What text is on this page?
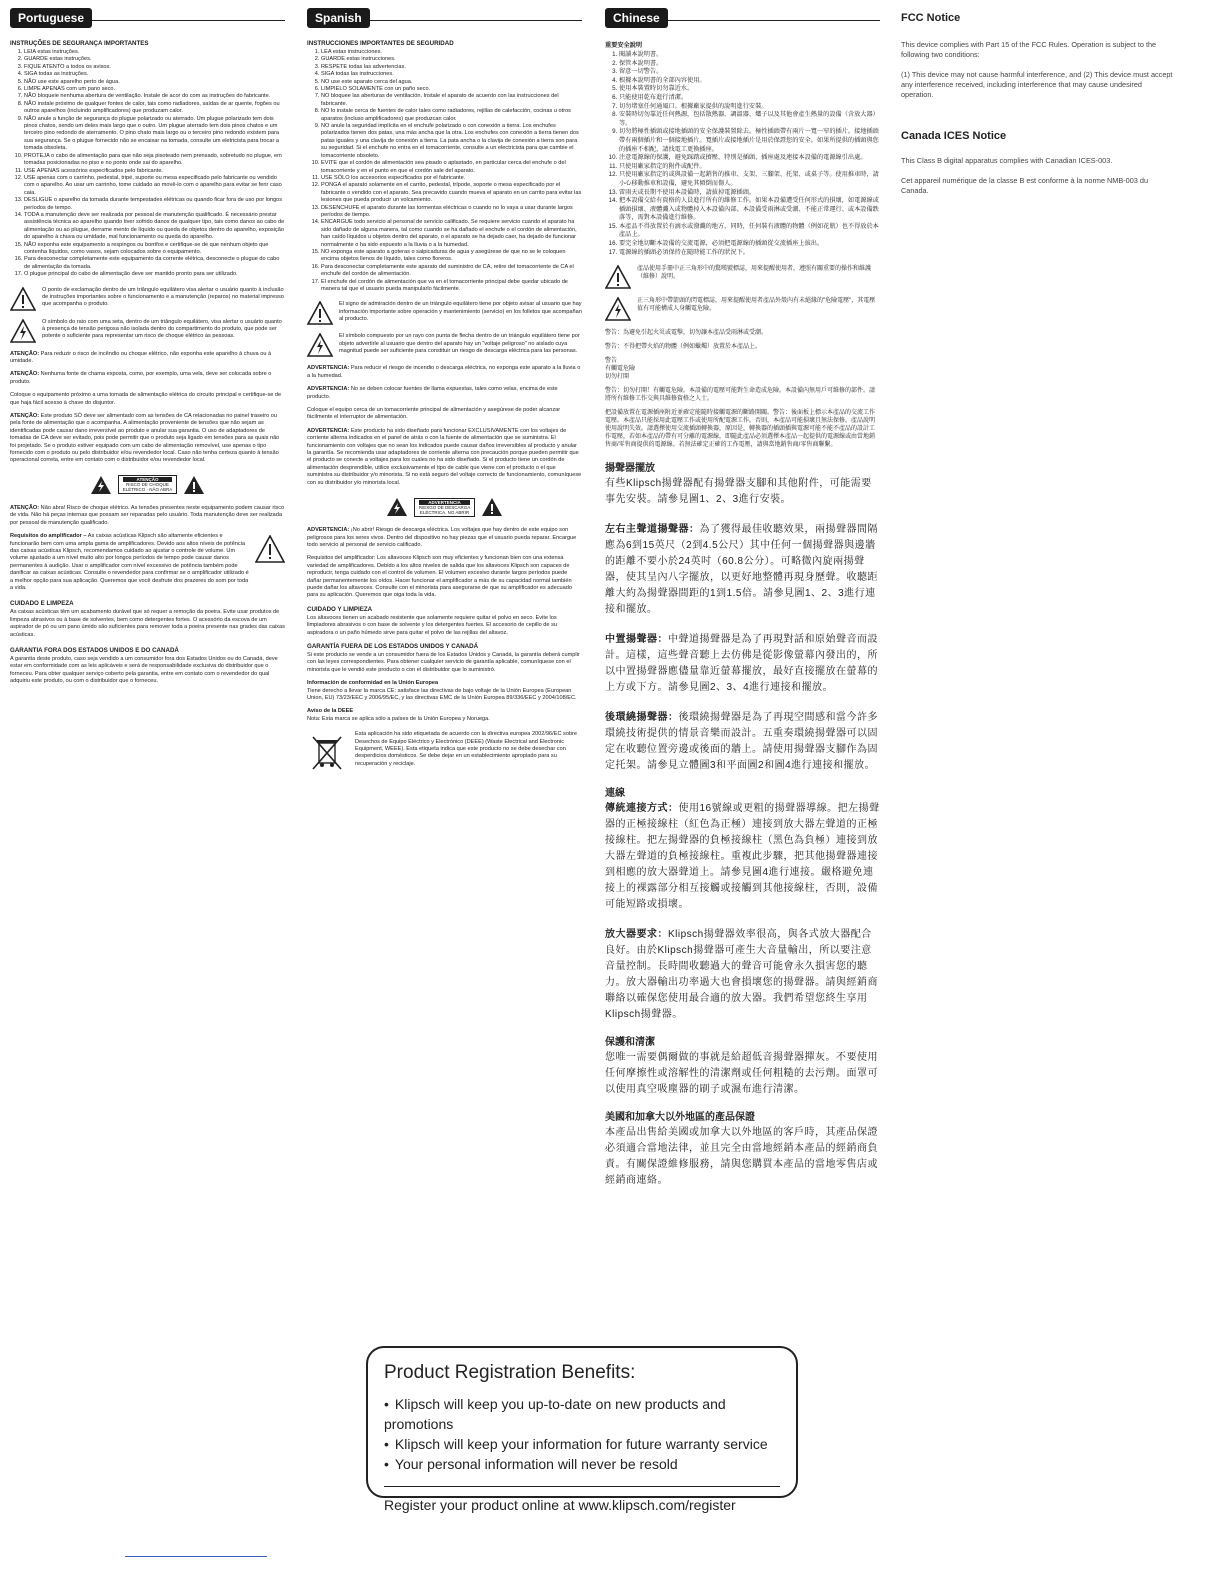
Portuguese
INSTRUÇÕES DE SEGURANÇA IMPORTANTES
1. LEIA estas instruções.
2. GUARDE estas instruções.
3. FIQUE ATENTO a todos os avisos.
4. SIGA todas as instruções.
5. NÃO use este aparelho perto de água.
6. LIMPE APENAS com um pano seco.
7. NÃO bloqueie nenhuma abertura de ventilação. Instale de acor do com as instruções do fabricante.
8. NÃO instale próximo de qualquer fontes de calor, tais como radiadores, saídas de ar quente, fogões ou outros aparelhos (incluindo amplificadores) que produzam calor.
9. NÃO anule a função de segurança do plugue polarizado ou aterrado. Um plugue polarizado tem dois pinos chatos, sendo um deles mais largo que o outro. Um plugue aterrado tem dois pinos chatos e um terceiro pino redondo de aterramento. O pino chato mais largo ou o terceiro pino redondo existem para sua segurança. Se o plugue fornecido não se encaixar na tomada, consulte um eletricista para trocar a tomada obsoleta.
10. PROTEJA o cabo de alimentação para que não seja pisoteado nem prensado, sobretudo no plugue, em tomadas posicionadas no piso e no ponto onde sai do aparelho.
11. USE APENAS acessórios especificados pelo fabricante.
12. USE apenas com o carrinho, pedestal, tripé, suporte ou mesa especificado pelo fabricante ou vendido com o aparelho. Ao usar um carrinho, tome cuidado ao movê-lo com o aparelho para evitar se ferir caso caia.
13. DESLIGUE o aparelho da tomada durante tempestades elétricas ou quando ficar fora de uso por longos períodos de tempo.
14. TODA a manutenção deve ser realizada por pessoal de manutenção qualificado. É necessário prestar assistência técnica ao aparelho quando tiver sofrido danos de qualquer tipo, tais como danos ao cabo de alimentação ou ao plugue, derrame mento de líquido ou queda de objetos dentro do aparelho, exposição do aparelho à chuva ou umidade, mal funcionamento ou queda do aparelho.
15. NÃO exponha este equipamento a respingos ou borrifos e certifique-se de que nenhum objeto que contenha líquidos, como vasos, sejam colocados sobre o equipamento.
16. Para desconectar completamente este equipamento da corrente elétrica, desconecte o plugue do cabo de alimentação da tomada.
17. O plugue principal do cabo de alimentação deve ser mantido pronto para ser utilizado.
O ponto de exclamação dentro de um triângulo equilátero visa alertar o usuário quanto à inclusão de instruções importantes sobre o funcionamento e a manutenção (reparos) no material impresso que acompanha o produto.
O símbolo do raio com uma seta, dentro de um triângulo equilátero, visa alertar o usuário quanto à presença de tensão perigosa não isolada dentro do compartimento do produto, que pode ser potente o suficiente para representar um risco de choque elétrico às pessoas.

ATENÇÃO: Para reduzir o risco de incêndio ou choque elétrico, não exponha este aparelho à chuva ou à umidade.

ATENÇÃO: Nenhuma fonte de chama exposta, como, por exemplo, uma vela, deve ser colocada sobre o produto.

Coloque o equipamento próximo a uma tomada de alimentação elétrica do circuito principal e certifique-se de que haja fácil acesso à chave do disjuntor.

ATENÇÃO: Este produto SÓ deve ser alimentado com as tensões de CA relacionadas no painel traseiro ou pela fonte de alimentação que o acompanha. A alimentação proveniente de tensões que não sejam as identificadas pode causar dano irreversível ao produto e anular sua garantia. O uso de adaptadores de tomadas de CA deve ser evitado, pois pode permitir que o produto seja ligado em tensões para as quais não foi projetado. Se o produto estiver equipado com um cabo de alimentação removível, use apenas o tipo fornecido com o produto ou pelo distribuidor e/ou revendedor local. Caso não tenha certeza quanto à tensão operacional correta, entre em contato com o distribuidor e/ou revendedor local.

ATENÇÃO
RISCO DE CHOQUE
ELÉTRICO - NÃO ABRA

ATENÇÃO: Não abra! Risco de choque elétrico. As tensões presentes neste equipamento podem causar risco de vida. Não há peças internas que possam ser reparadas pelo usuário. Toda manutenção deve ser realizada por pessoal de manutenção qualificado.

Requisitos do amplificador – As caixas acústicas Klipsch são altamente eficientes e funcionarão bem com uma ampla gama de amplificadores. Devido aos altos níveis de potência das caixas acústicas Klipsch, recomendamos cuidado ao ajustar o controle de volume. Um volume ajustado a um nível muito alto por longos períodos de tempo pode causar danos permanentes à audição. Usar o amplificador com nível excessivo de potência também pode danificar as caixas acústicas. Consulte o revendedor para confirmar se o amplificador utilizado é a melhor opção para sua aplicação. Queremos que você desfrute dos prazeres do som por toda a vida.

CUIDADO E LIMPEZA

As caixas acústicas têm um acabamento durável que só requer a remoção da poeira. Evite usar produtos de limpeza abrasivos ou à base de solventes, bem como detergentes fortes. O acessório da escova de um aspirador de pó ou um pano úmido são suficientes para remover toda a poeira presente nas grades das caixas acústicas.

GARANTIA FORA DOS ESTADOS UNIDOS E DO CANADÁ

A garantia deste produto, caso seja vendido a um consumidor fora dos Estados Unidos ou do Canadá, deve estar em conformidade com as leis aplicáveis e será de responsabilidade exclusiva do distribuidor que o forneceu. Para obter qualquer serviço coberto pela garantia, entre em contato com o revendedor do qual adquiriu este produto, ou com o distribuidor que o forneceu.

Spanish
INSTRUCCIONES IMPORTANTES DE SEGURIDAD
1. LEA estas instrucciones.
2. GUARDE estas instrucciones.
3. RESPETE todas las advertencias.
4. SIGA todas las instrucciones.
5. NO use este aparato cerca del agua.
6. LIMPIELO SOLAMENTE con un paño seco.
7. NO bloquee las aberturas de ventilación. Instale el aparato de acuerdo con las instrucciones del fabricante.
8. NO lo instale cerca de fuentes de calor tales como radiadores, rejillas de calefacción, cocinas u otros aparatos (incluso amplificadores) que produzcan calor.
9. NO anule la seguridad implícita en el enchufe polarizado o con conexión a tierra. Los enchufes polarizados tienen dos patas, una más ancha que la otra. Los enchufes con conexión a tierra tienen dos patas iguales y una clavija de conexión a tierra. La pata ancha o la clavija de conexión a tierra son para su seguridad. Si el enchufe no entra en el tomacorriente, consulte a un electricista para que cambie el tomacorriente obsoleto.
10. EVITE que el cordón de alimentación sea pisado o aplastado, en particular cerca del enchufe o del tomacorriente y en el punto en que el cordón sale del aparato.
11. USE SÓLO los accesorios especificados por el fabricante.
12. PONGA el aparato solamente en el carrito, pedestal, trípode, soporte o mesa especificado por el fabricante o vendido con el aparato. Sea precavido cuando mueva el aparato en un carrito para evitar las lesiones que pueda producir un volcamiento.
13. DESENCHUFE el aparato durante las tormentas eléctricas o cuando no lo vaya a usar durante largos períodos de tiempo.
14. ENCARGUE todo servicio al personal de servicio calificado. Se requiere servicio cuando el aparato ha sido dañado de alguna manera, tal como cuando se ha dañado el enchufe o el cordón de alimentación, han caído líquidos u objetos dentro del aparato, o el aparato se ha dejado caer, ha dejado de funcionar normalmente o ha sido expuesto a la lluvia o a la humedad.
15. NO exponga este aparato a goteras o salpicaduras de agua y asegúrese de que no se le coloquen encima objetos llenos de líquido, tales como floreros.
16. Para desconectar completamente este aparato del suministro de CA, retire del tomacorriente de CA el enchufe del cordón de alimentación.
17. El enchufe del cordón de alimentación que va en el tomacorriente principal debe quedar ubicado de manera tal que el usuario pueda manipularlo fácilmente.
El signo de admiración dentro de un triángulo equilátero tiene por objeto avisar al usuario que hay información importante sobre operación y mantenimiento (servicio) en los folletos que acompañan al producto.
El símbolo compuesto por un rayo con punta de flecha dentro de un triángulo equilátero tiene por objeto advertirle al usuario que dentro del aparato hay un "voltaje peligroso" no aislado cuya magnitud puede ser suficiente para constituir un riesgo de descarga eléctrica para las personas.

ADVERTENCIA: Para reducir el riesgo de incendio o descarga eléctrica, no exponga este aparato a la lluvia o a la humedad.

ADVERTENCIA: No se deben colocar fuentes de llama expuestas, tales como velas, encima de este producto.

Coloque el equipo cerca de un tomacorriente principal de alimentación y asegúrese de poder alcanzar fácilmente el interruptor de alimentación.

ADVERTENCIA: Este producto ha sido diseñado para funcionar EXCLUSIVAMENTE con los voltajes de corriente alterna indicados en el panel de atrás o con la fuente de alimentación que se suministra. El funcionamiento con voltajes que no sean los indicados puede causar daños irreversibles al producto y anular la garantía. Se recomienda usar adaptadores de corriente alterna con precaución porque pueden permitir que el producto se conecte a voltajes para los cuales no ha sido diseñado. Si el producto tiene un cordón de alimentación desprendible, utilice exclusivamente el tipo de cable que viene con el producto o el que suministra su distribuidor y/o minorista. Si no está seguro del voltaje correcto de funcionamiento, comuníquese con su distribuidor y/o minorista local.

ADVERTENCIA
RIESGO DE DESCARGA
ELÉCTRICA. NO ABRIR

ADVERTENCIA: ¡No abrir! Riesgo de descarga eléctrica. Los voltajes que hay dentro de este equipo son peligrosos para los seres vivos. Dentro del dispositivo no hay piezas que el usuario pueda reparar. Encargue todo servicio al personal de servicio calificado.

Requisitos del amplificador: Los altavoces Klipsch son muy eficientes y funcionan bien con una extensa variedad de amplificadores. Debido a los altos niveles de salida que los altavoces Klipsch son capaces de reproducir, tenga cuidado con el control de volumen. El volumen excesivo durante largos períodos puede dañar permanentemente los oídos. Hacer funcionar el amplificador a más de su capacidad normal también puede dañar los altavoces. Consulte con el minorista para asegurarse de que su amplificador es adecuado para su aplicación. Queremos que oiga toda la vida.

CUIDADO Y LIMPIEZA

Los altavoces tienen un acabado resistente que solamente requiere quitar el polvo en seco. Evite los limpiadores abrasivos o con base de solvente y los detergentes fuertes. El accesorio de cepillo de su aspiradora o un paño húmedo sirve para quitar el polvo de las rejillas del altavoz.

GARANTÍA FUERA DE LOS ESTADOS UNIDOS Y CANADÁ

Si este producto se vende a un consumidor fuera de los Estados Unidos y Canadá, la garantía deberá cumplir con las leyes correspondientes. Para obtener cualquier servicio de garantía aplicable, comuníquese con el minorista que le vendió este producto o con el distribuidor que lo suministró.

Información de conformidad en la Unión Europea
Tiene derecho a llevar la marca CE: satisface las directivas de bajo voltaje de la Unión Europea (European Union, EU) 73/23/EEC y 2006/95/EC, y las directivas EMC de la Unión Europea 89/336/EEC y 2004/108/EC.

Aviso de la DEEE
Nota: Esta marca se aplica sólo a países de la Unión Europea y Noruega.

Esta aplicación ha sido etiquetada de acuerdo con la directiva europea 2002/96/EC sobre Desechos de Equipo Eléctrico y Electrónico (DEEE) (Waste Electrical and Electronic Equipment, WEEE). Esta etiqueta indica que este producto no se debe desechar con desperdicios domésticos. Se debe dejar en un establecimiento apropiado para su recuperación y reciclaje.
Chinese
重要安全說明
1. 閱讀本說明書。
2. 保管本說明書。
3. 留意一切警告。
4. 根據本說明書的全部內容使用。
5. 使用本裝置時切勿靠近水。
6. 只能使用乾布進行清潔。
7. 切勿堵塞任何通風口。根據廠家提供的說明進行安裝。
8. 安裝時切勿靠近任何熱源，包括散熱器、調溫器、爐子以及其他會產生熱量的設備（含放大器）等。
9. 切勿將極性插頭或接地插頭的安全保護裝置除去。極性插頭帶有兩片一寬一窄的插片。接地插頭帶有兩個插片和一個接地插片。寬插片或接地插片是用於保證您的安全。如果所提供的插頭與您的插座不相配，請找電工更換插座。
10. 注意電源線的保護，避免踩踏或擠壓，特別是插頭、插座處及連接本設備的電源線引出處。
11. 只使用廠家指定的附件或配件。
12. 只使用廠家指定的或與設備一起銷售的推車、支架、三腳架、托架、或桌子等。使用推車時，請小心移動推車和設備，避免其傾倒而傷人。
13. 雷雨天或長期不使用本設備時，請拔掉電源插頭。
14. 把本設備交給有資格的人員進行所有的維修工作。如果本設備遭受任何形式的損壞，如電源線或插頭損壞、液體濺入或物體掉入本設備內部、本設備受雨淋或受潮、不能正常運行、或本設備跌落等，需對本設備進行維修。
15. 本產品不得放置於有滴水或潑濺的地方，同時，任何裝有液體的物體（例如花瓶）也不得放於本產品上。
16. 要完全地切斷本設備的交流電源，必須把電源線的插頭從交流插座上拔出。
17. 電源線的插頭必須保持在隨時能工作的狀況下。
產品使用手冊中正三角形中的驚嘆號標誌，用來提醒使用者，遵照有關重要的操作和維護（維修）說明。
正三角形中帶箭頭的閃電標誌，用來提醒使用者產品外殼內有未絕緣的"危險電壓"，其電壓值有可能構成人身觸電危險。

警告：為避免引起火災或電擊，切勿讓本產品受雨淋或受潮。

警告：不得把帶火焰的物體（例如蠟燭）放置於本產品上。

警告
有觸電危險
切勿打開

警告：切勿打開！有觸電危險。本設備的電壓可能對生命造成危險。本設備內無用戶可維修的部件。請將所有維修工作交與具維修資格之人士。

把設備放置在電源插座附近並確定能隨時接觸電源的斷路開關。警告：後面板上標示本產品的交流工作電壓。本產品只能採用此電壓工作或使用所配電源工作。否則，本產品可能損壞且無法保修。產品說明使用說明失效。請選擇使用交流插頭轉換器，原因是，轉換器的插頭插與電源可能不能不產品的設計工作電壓，若如本產品的帶有可分離的電源線，即隨此產品必須選擇本產品一起提供的電源線或由當地銷售商/零售商提供的電源線。若無法確定正確的工作電壓，請與當地銷售商/零售商聯繫。

揚聲器擺放

有些Klipsch揚聲器配有揚聲器支腳和其他附件，可能需要事先安裝。請參見圖1、2、3進行安裝。

左右主聲道揚聲器：為了獲得最佳收聽效果，兩揚聲器間隔應為6到15英尺（2到4.5公尺）其中任何一個揚聲器與邊牆的距離不要小於24英吋（60.8公分）。可略微內旋兩揚聲器，使其呈內八字擺放，以更好地整體再現身歷聲。收聽距離大約為揚聲器間距的1到1.5倍。請參見圖1、2、3進行連接和擺放。

中置揚聲器：中聲道揚聲器是為了再現對話和原始聲音而設計。這樣，這些聲音聽上去仿佛是從影像螢幕內發出的，所以中置揚聲器應儘量靠近螢幕擺放，最好直接擺放在螢幕的上方或下方。請參見圖2、3、4進行連接和擺放。

後環繞揚聲器：後環繞揚聲器是為了再現空間感和當今許多環繞技術提供的情景音樂而設計。五重奏環繞揚聲器可以固定在收聽位置旁邊或後面的牆上。請使用揚聲器支腳作為固定托架。請參見立體圖3和平面圖2和圖4進行連接和擺放。

連線

傳統連接方式：使用16號線或更粗的揚聲器導線。把左揚聲器的正極接線柱（紅色為正極）連接到放大器左聲道的正極接線柱。把左揚聲器的負極接線柱（黑色為負極）連接到放大器左聲道的負極接線柱。重複此步驟，把其他揚聲器連接到相應的放大器聲道上。請參見圖4進行連接。嚴格避免連接上的裸露部分相互接觸或接觸到其他接線柱，否則，設備可能短路或損壞。

放大器要求：Klipsch揚聲器效率很高，與各式放大器配合良好。由於Klipsch揚聲器可產生大音量輸出，所以要注意音量控制。長時間收聽過大的聲音可能會永久損害您的聽力。放大器輸出功率過大也會損壞您的揚聲器。請與經銷商聯絡以確保您使用最合適的放大器。我們希望您終生享用Klipsch揚聲器。

保護和清潔

您唯一需要偶爾做的事就是給超低音揚聲器撣灰。不要使用任何摩擦性或溶解性的清潔劑或任何粗糙的去污劑。面罩可以使用真空吸塵器的刷子或濕布進行清潔。

美國和加拿大以外地區的產品保證

本產品出售給美國或加拿大以外地區的客戶時，其產品保證必須適合當地法律，並且完全由當地經銷本產品的經銷商負責。有關保證維修服務，請與您購買本產品的當地零售店或經銷商連絡。

FCC Notice

This device complies with Part 15 of the FCC Rules. Operation is subject to the following two conditions:

(1) This device may not cause harmful interference, and (2) This device must accept any interference received, including interference that may cause undesired operation.

Canada ICES Notice

This Class B digital apparatus complies with Canadian ICES-003.

Cet appareil numérique de la classe B est conforme à la norme NMB-003 du Canada.

Product Registration Benefits:
• Klipsch will keep you up-to-date on new products and promotions
• Klipsch will keep your information for future warranty service
• Your personal information will never be resold
Register your product online at www.klipsch.com/register
